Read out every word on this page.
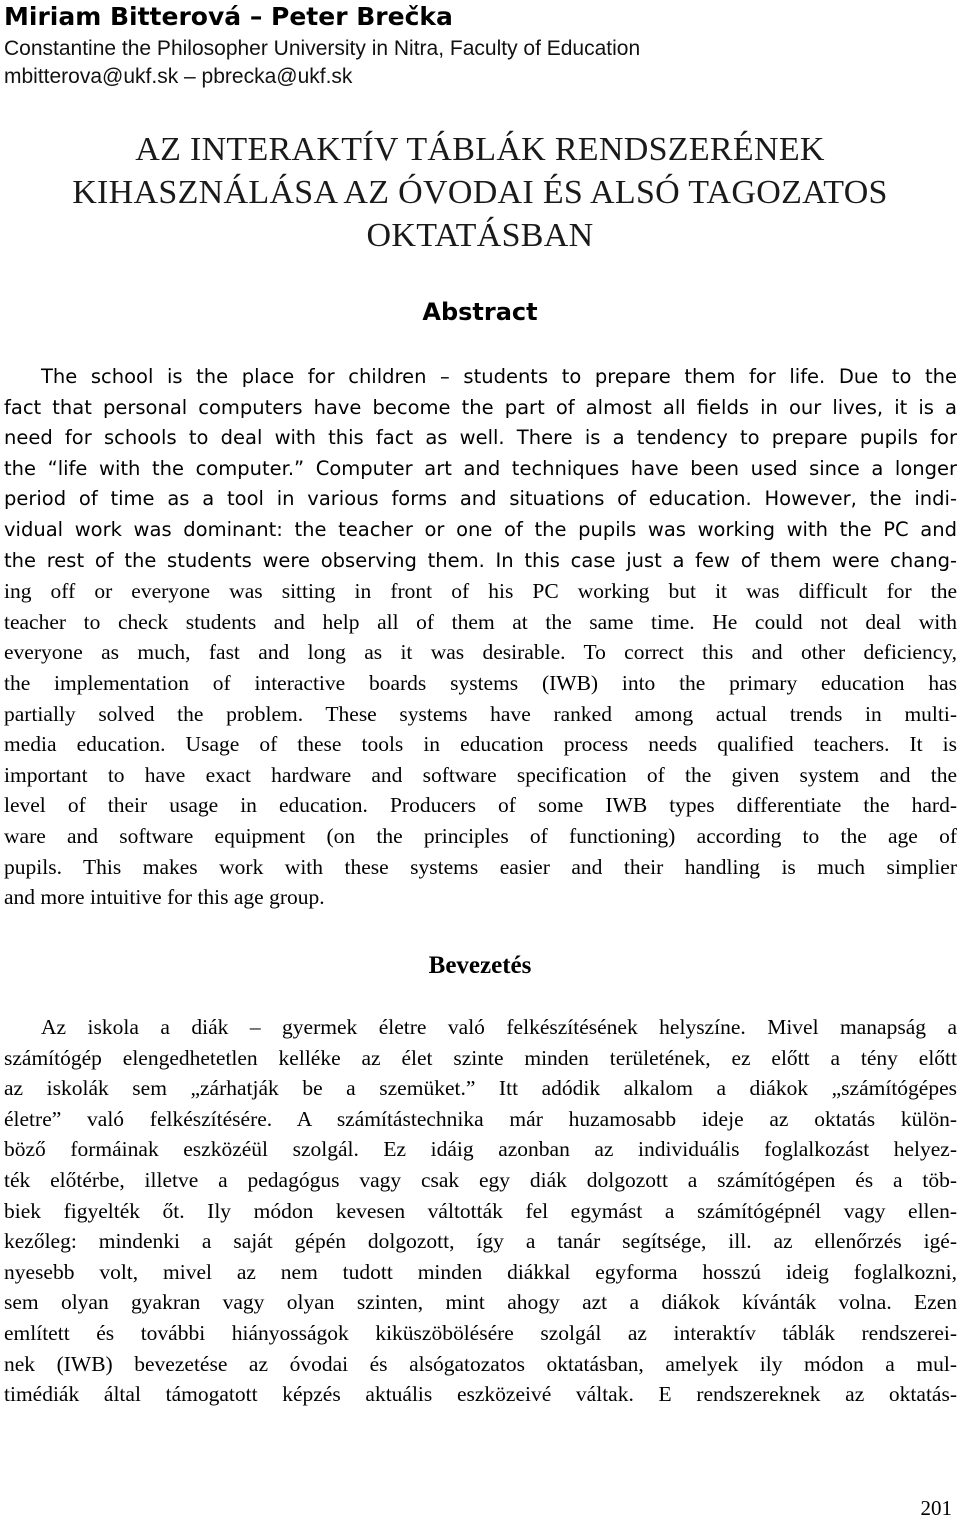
Miriam Bitterová – Peter Brečka
Constantine the Philosopher University in Nitra, Faculty of Education
mbitterova@ukf.sk – pbrecka@ukf.sk
AZ INTERAKTÍV TÁBLÁK RENDSZERÉNEK
KIHASZNÁLÁSA AZ ÓVODAI ÉS ALSÓ TAGOZATOS
OKTATÁSBAN
Abstract
The school is the place for children – students to prepare them for life. Due to the
fact that personal computers have become the part of almost all fields in our lives, it is a
need for schools to deal with this fact as well. There is a tendency to prepare pupils for
the “life with the computer.” Computer art and techniques have been used since a longer
period of time as a tool in various forms and situations of education. However, the indi-
vidual work was dominant: the teacher or one of the pupils was working with the PC and
the rest of the students were observing them. In this case just a few of them were chang-
ing off or everyone was sitting in front of his PC working but it was difficult for the
teacher to check students and help all of them at the same time. He could not deal with
everyone as much, fast and long as it was desirable. To correct this and other deficiency,
the implementation of interactive boards systems (IWB) into the primary education has
partially solved the problem. These systems have ranked among actual trends in multi-
media education. Usage of these tools in education process needs qualified teachers. It is
important to have exact hardware and software specification of the given system and the
level of their usage in education. Producers of some IWB types differentiate the hard-
ware and software equipment (on the principles of functioning) according to the age of
pupils. This makes work with these systems easier and their handling is much simplier
and more intuitive for this age group.
Bevezetés
Az iskola a diák – gyermek életre való felkészítésének helyszíne. Mivel manapság a
számítógép elengedhetetlen kelléke az élet szinte minden területének, ez előtt a tény előtt
az iskolák sem „zárhatják be a szemüket.” Itt adódik alkalom a diákok „számítógépes
életre” való felkészítésére. A számítástechnika már huzamosabb ideje az oktatás külön-
böző formáinak eszközéül szolgál. Ez idáig azonban az individuális foglalkozást helyez-
ték előtérbe, illetve a pedagógus vagy csak egy diák dolgozott a számítógépen és a töb-
biek figyelték őt. Ily módon kevesen váltották fel egymást a számítógépnél vagy ellen-
kezőleg: mindenki a saját gépén dolgozott, így a tanár segítsége, ill. az ellenőrzés igé-
nyesebb volt, mivel az nem tudott minden diákkal egyforma hosszú ideig foglalkozni,
sem olyan gyakran vagy olyan szinten, mint ahogy azt a diákok kívánták volna. Ezen
említett és további hiányosságok kiküszöbölésére szolgál az interaktív táblák rendszerei-
nek (IWB) bevezetése az óvodai és alsógatozatos oktatásban, amelyek ily módon a mul-
timédiák által támogatott képzés aktuális eszközeivé váltak. E rendszereknek az oktatás-
201
